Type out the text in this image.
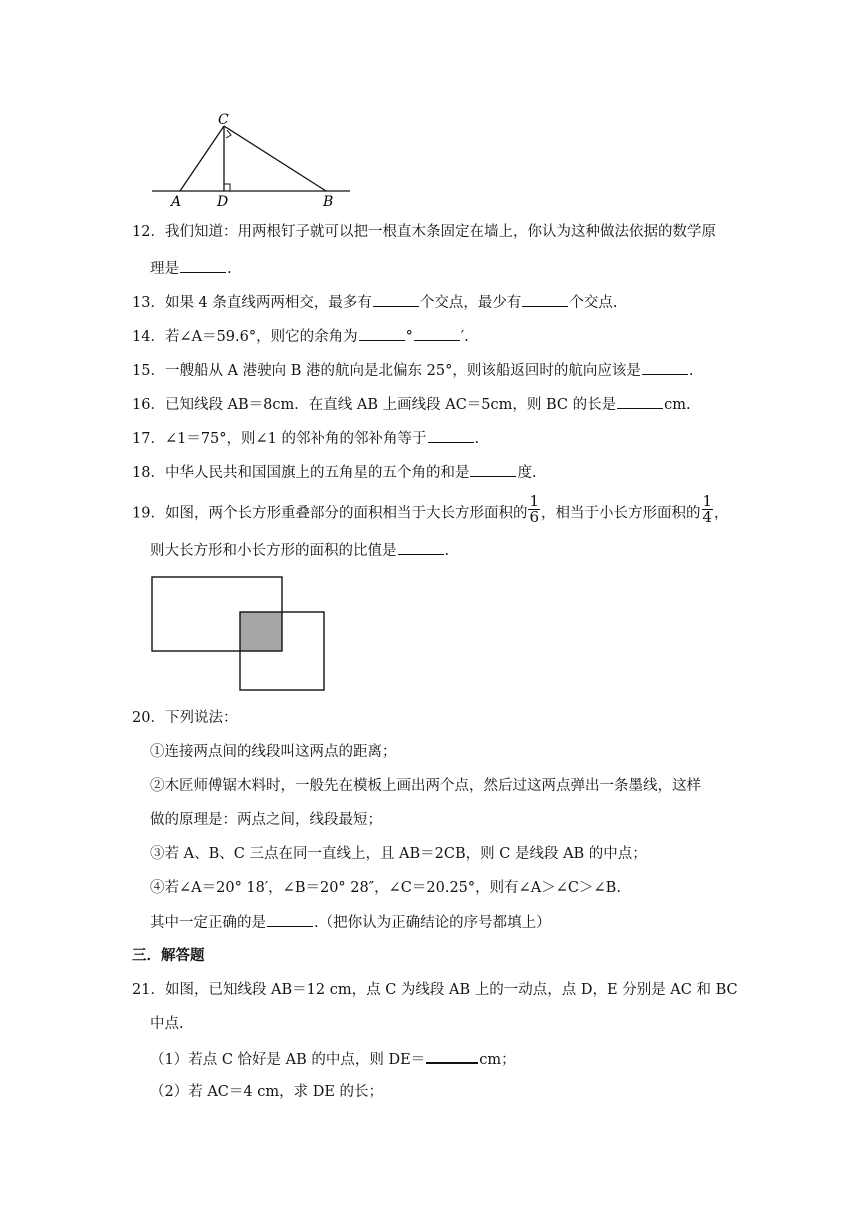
C
A	D	B
12．我们知道：用两根钉子就可以把一根直木条固定在墙上，你认为这种做法依据的数学原
理是	.
13．如果 4 条直线两两相交，最多有	个交点，最少有	个交点.
14．若∠A＝59.6°，则它的余角为	°	′.
15．一艘船从 A 港驶向 B 港的航向是北偏东 25°，则该船返回时的航向应该是	.
16．已知线段 AB＝8cm．在直线 AB 上画线段 AC＝5cm，则 BC 的长是	cm.
17．∠1＝75°，则∠1 的邻补角的邻补角等于	.
18．中华人民共和国国旗上的五角星的五个角的和是	度.
19．如图，两个长方形重叠部分的面积相当于大长方形面积的 $\frac{1}{6}$ ，相当于小长方形面积的 $\frac{1}{4}$ ，
则大长方形和小长方形的面积的比值是	.
20．下列说法：
①连接两点间的线段叫这两点的距离；
②木匠师傅锯木料时，一般先在模板上画出两个点，然后过这两点弹出一条墨线，这样
做的原理是：两点之间，线段最短；
③若 A、B、C 三点在同一直线上，且 AB＝2CB，则 C 是线段 AB 的中点；
④若∠A＝20° 18′，∠B＝20° 28″，∠C＝20.25°，则有∠A＞∠C＞∠B.
其中一定正确的是	.（把你认为正确结论的序号都填上）
三．解答题
21．如图，已知线段 AB＝12 cm，点 C 为线段 AB 上的一动点，点 D，E 分别是 AC 和 BC
中点.
（1）若点 C 恰好是 AB 的中点，则 DE＝	cm；
（2）若 AC＝4 cm，求 DE 的长；
